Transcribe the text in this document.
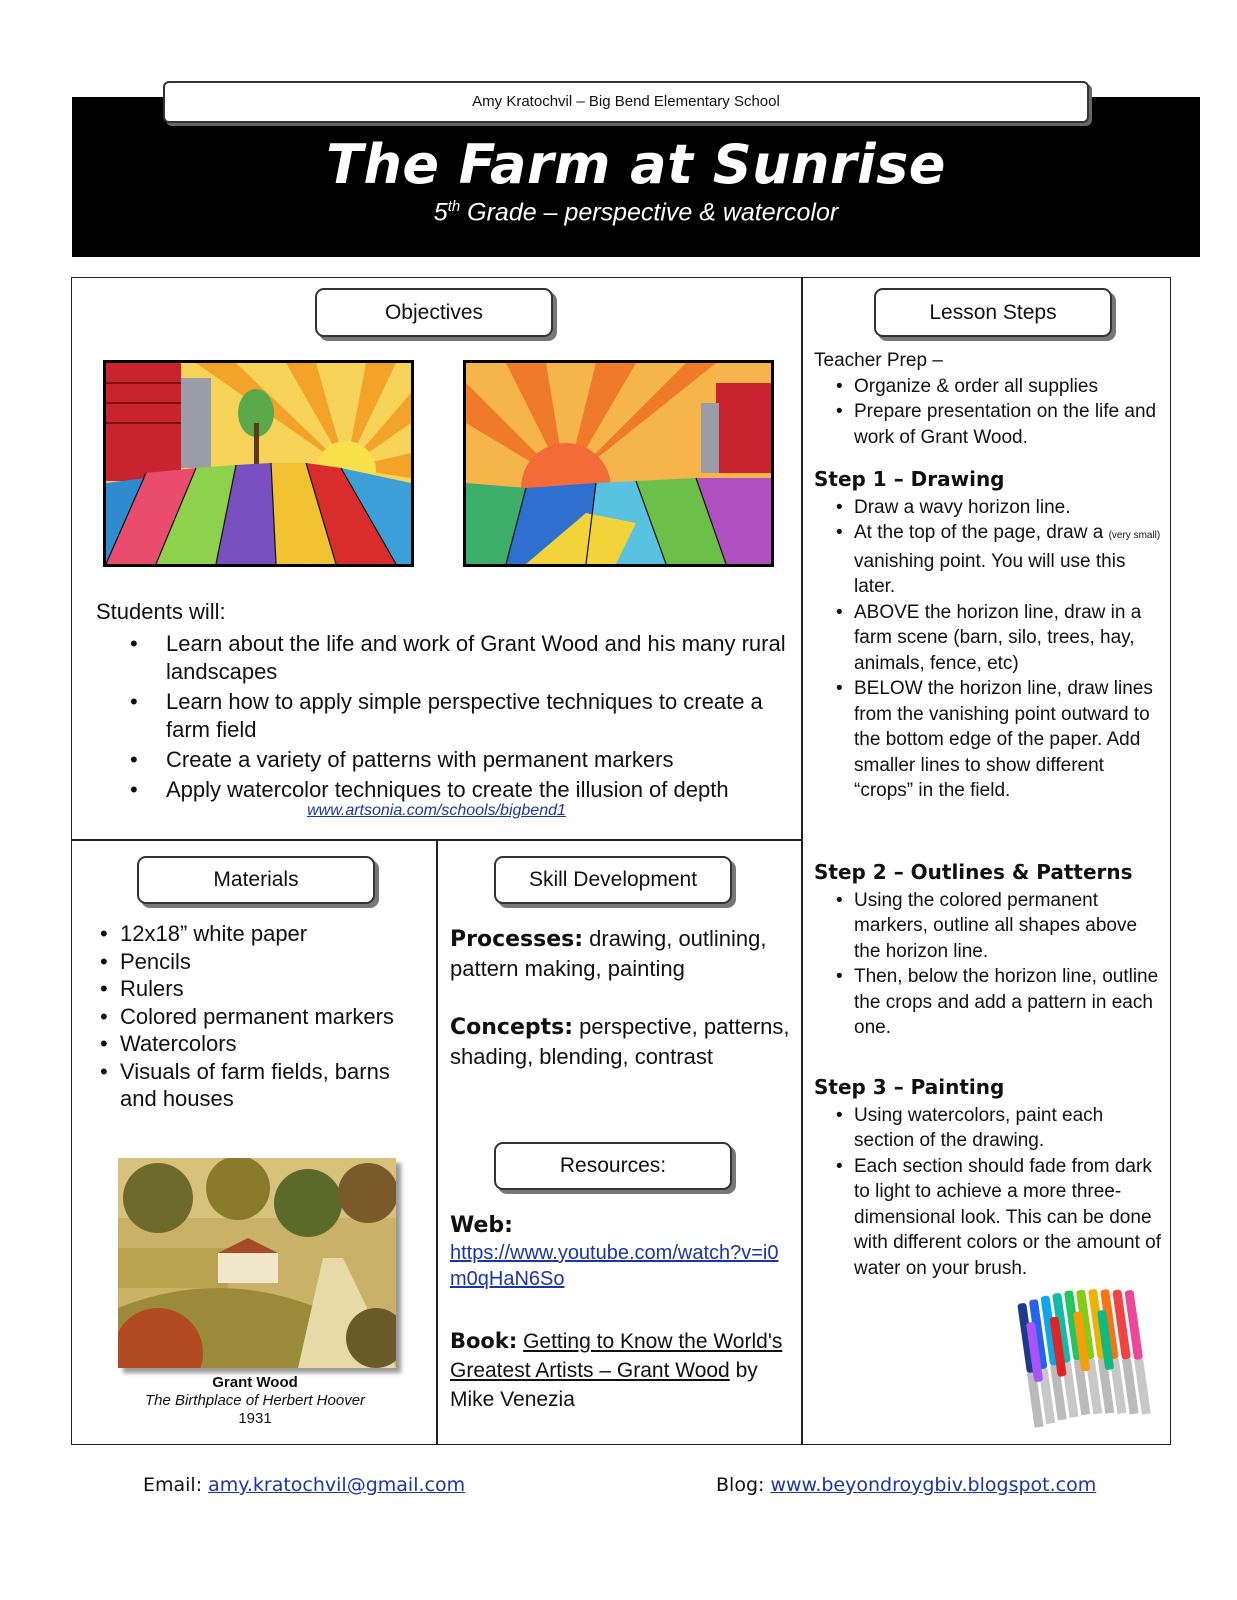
Amy Kratochvil – Big Bend Elementary School
The Farm at Sunrise
5th Grade – perspective & watercolor
Objectives
Students will:
• Learn about the life and work of Grant Wood and his many rural landscapes
• Learn how to apply simple perspective techniques to create a farm field
• Create a variety of patterns with permanent markers
• Apply watercolor techniques to create the illusion of depth
www.artsonia.com/schools/bigbend1
Materials
• 12x18” white paper
• Pencils
• Rulers
• Colored permanent markers
• Watercolors
• Visuals of farm fields, barns and houses
Grant Wood
The Birthplace of Herbert Hoover
1931
Skill Development
Processes: drawing, outlining, pattern making, painting
Concepts: perspective, patterns, shading, blending, contrast
Resources:
Web:
https://www.youtube.com/watch?v=i0m0qHaN6So
Book: Getting to Know the World's Greatest Artists – Grant Wood by Mike Venezia
Lesson Steps
Teacher Prep –
• Organize & order all supplies
• Prepare presentation on the life and work of Grant Wood.
Step 1 – Drawing
• Draw a wavy horizon line.
• At the top of the page, draw a (very small) vanishing point. You will use this later.
• ABOVE the horizon line, draw in a farm scene (barn, silo, trees, hay, animals, fence, etc)
• BELOW the horizon line, draw lines from the vanishing point outward to the bottom edge of the paper. Add smaller lines to show different “crops” in the field.
Step 2 – Outlines & Patterns
• Using the colored permanent markers, outline all shapes above the horizon line.
• Then, below the horizon line, outline the crops and add a pattern in each one.
Step 3 – Painting
• Using watercolors, paint each section of the drawing.
• Each section should fade from dark to light to achieve a more three-dimensional look. This can be done with different colors or the amount of water on your brush.
Email: amy.kratochvil@gmail.com	Blog: www.beyondroygbiv.blogspot.com
